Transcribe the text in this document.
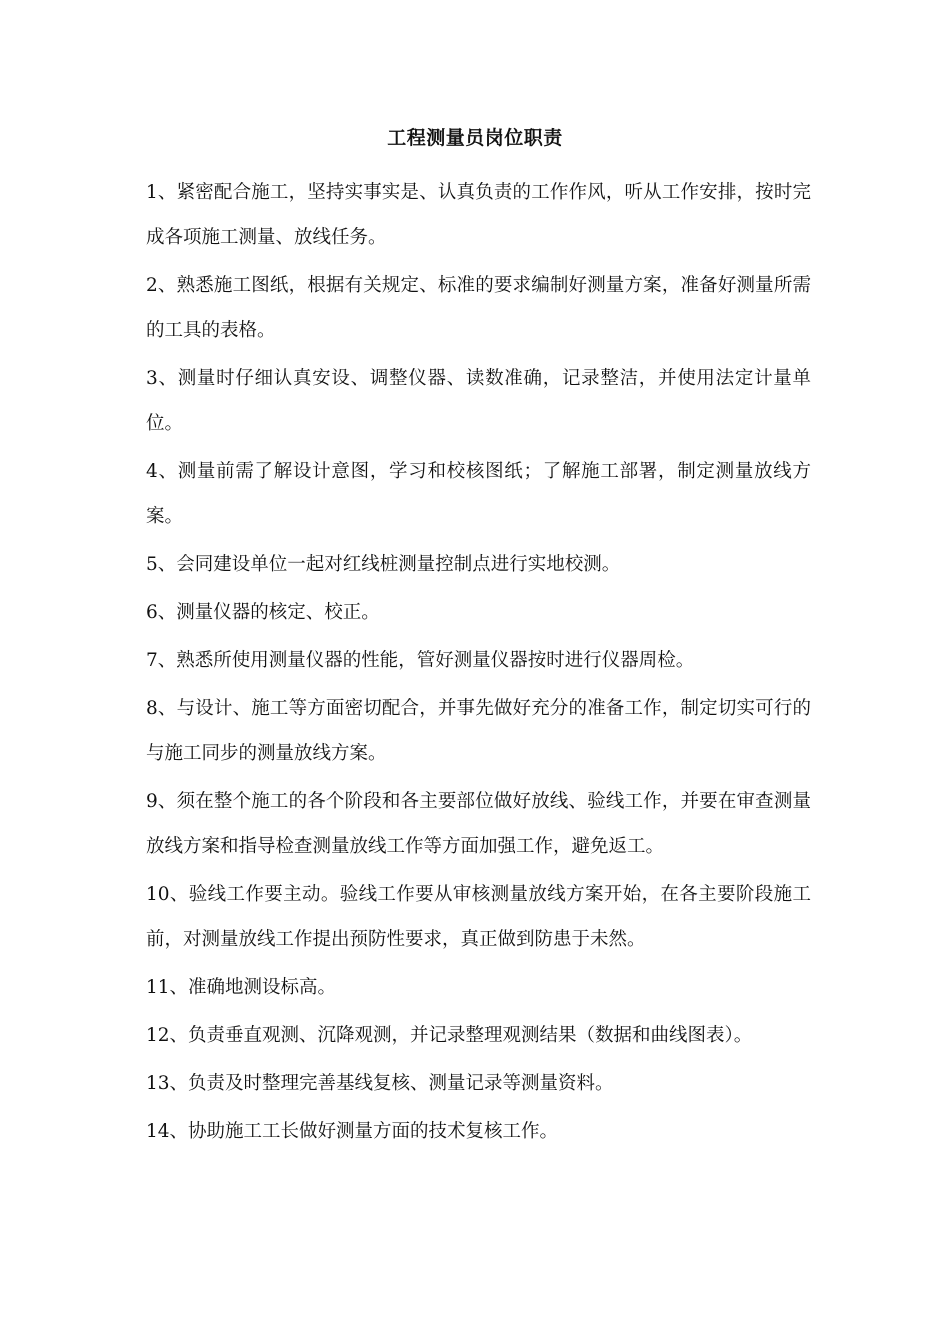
工程测量员岗位职责

1、紧密配合施工，坚持实事实是、认真负责的工作作风，听从工作安排，按时完成各项施工测量、放线任务。

2、熟悉施工图纸，根据有关规定、标准的要求编制好测量方案，准备好测量所需的工具的表格。

3、测量时仔细认真安设、调整仪器、读数准确，记录整洁，并使用法定计量单位。

4、测量前需了解设计意图，学习和校核图纸；了解施工部署，制定测量放线方案。

5、会同建设单位一起对红线桩测量控制点进行实地校测。

6、测量仪器的核定、校正。

7、熟悉所使用测量仪器的性能，管好测量仪器按时进行仪器周检。

8、与设计、施工等方面密切配合，并事先做好充分的准备工作，制定切实可行的与施工同步的测量放线方案。

9、须在整个施工的各个阶段和各主要部位做好放线、验线工作，并要在审查测量放线方案和指导检查测量放线工作等方面加强工作，避免返工。

10、验线工作要主动。验线工作要从审核测量放线方案开始，在各主要阶段施工前，对测量放线工作提出预防性要求，真正做到防患于未然。

11、准确地测设标高。

12、负责垂直观测、沉降观测，并记录整理观测结果（数据和曲线图表）。

13、负责及时整理完善基线复核、测量记录等测量资料。

14、协助施工工长做好测量方面的技术复核工作。
